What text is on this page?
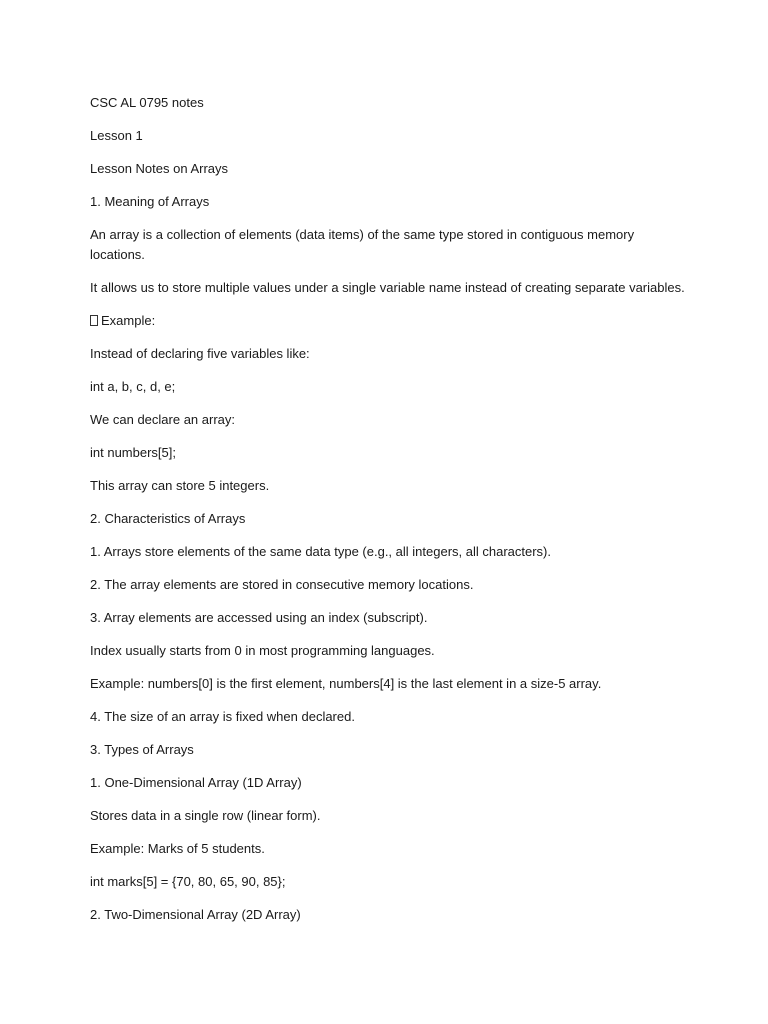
CSC AL 0795 notes

Lesson 1

Lesson Notes on Arrays

1. Meaning of Arrays

An array is a collection of elements (data items) of the same type stored in contiguous memory locations.

It allows us to store multiple values under a single variable name instead of creating separate variables.

Example:

Instead of declaring five variables like:

int a, b, c, d, e;

We can declare an array:

int numbers[5];

This array can store 5 integers.

2. Characteristics of Arrays

1. Arrays store elements of the same data type (e.g., all integers, all characters).

2. The array elements are stored in consecutive memory locations.

3. Array elements are accessed using an index (subscript).

Index usually starts from 0 in most programming languages.

Example: numbers[0] is the first element, numbers[4] is the last element in a size-5 array.

4. The size of an array is fixed when declared.

3. Types of Arrays

1. One-Dimensional Array (1D Array)

Stores data in a single row (linear form).

Example: Marks of 5 students.

int marks[5] = {70, 80, 65, 90, 85};

2. Two-Dimensional Array (2D Array)
